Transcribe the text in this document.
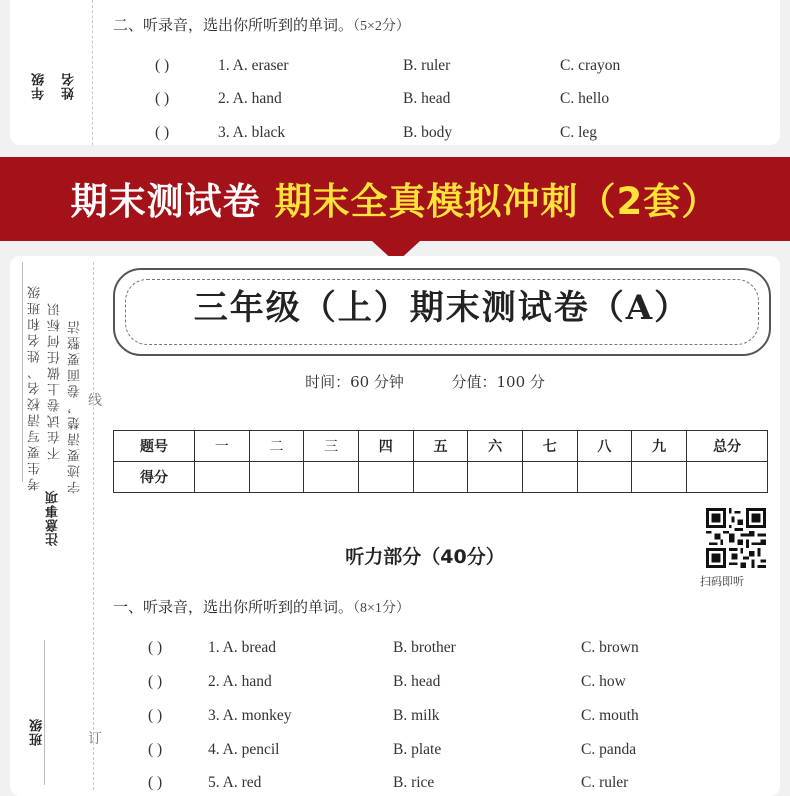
年级 姓名
二、听录音，选出你所听到的单词。（5×2分）
( )	1. A. eraser	B. ruler	C. crayon
( )	2. A. hand	B. head	C. hello
( )	3. A. black	B. body	C. leg
期末测试卷 期末全真模拟冲刺（2套）
字迹要清楚，卷面要整洁
不在试卷上做任何标识
考生要写清校名、姓名和班级
注意事项
线
订
班级
三年级（上）期末测试卷（A）
时间：60 分钟	分值：100 分
题号	一	二	三	四	五	六	七	八	九	总分
得分										
扫码即听
听力部分（40分）
一、听录音，选出你所听到的单词。（8×1分）
( )	1. A. bread	B. brother	C. brown
( )	2. A. hand	B. head	C. how
( )	3. A. monkey	B. milk	C. mouth
( )	4. A. pencil	B. plate	C. panda
( )	5. A. red	B. rice	C. ruler
